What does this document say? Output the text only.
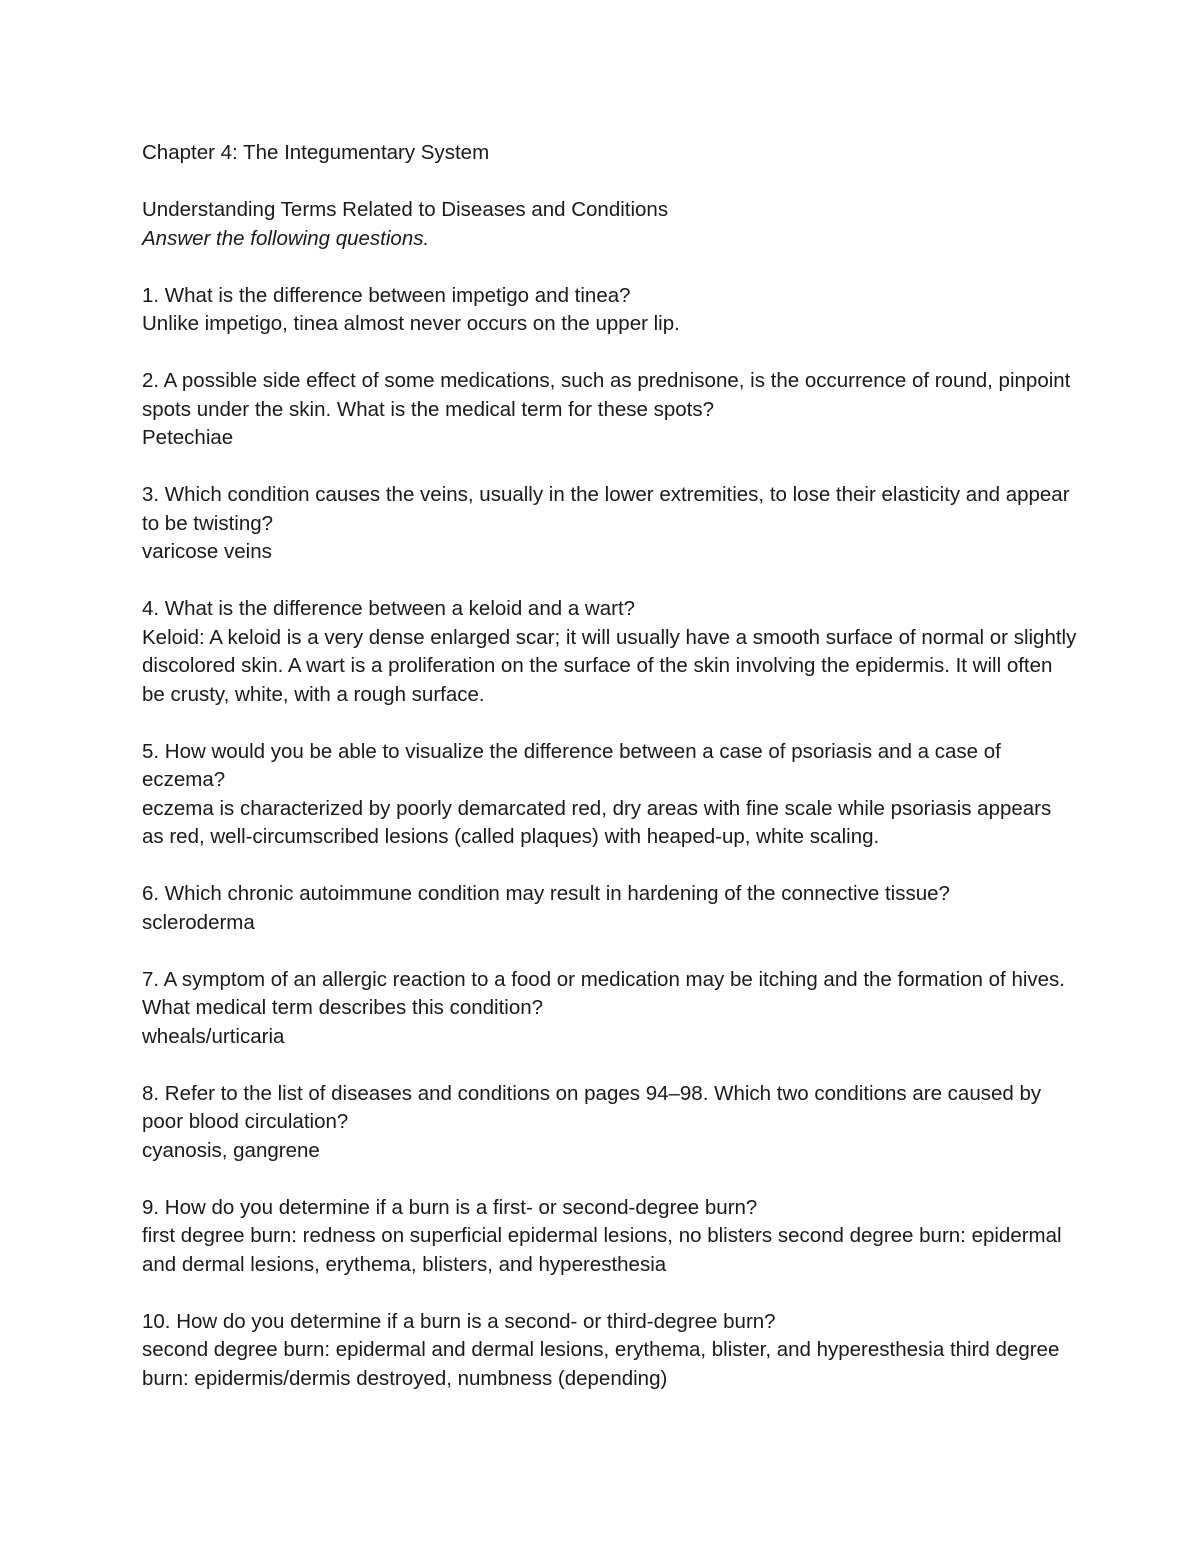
Chapter 4: The Integumentary System

Understanding Terms Related to Diseases and Conditions

Answer the following questions.

1. What is the difference between impetigo and tinea?

Unlike impetigo, tinea almost never occurs on the upper lip.

2. A possible side effect of some medications, such as prednisone, is the occurrence of round, pinpoint spots under the skin. What is the medical term for these spots?

Petechiae

3. Which condition causes the veins, usually in the lower extremities, to lose their elasticity and appear to be twisting?

varicose veins

4. What is the difference between a keloid and a wart?

Keloid: A keloid is a very dense enlarged scar; it will usually have a smooth surface of normal or slightly discolored skin. A wart is a proliferation on the surface of the skin involving the epidermis. It will often be crusty, white, with a rough surface.

5. How would you be able to visualize the difference between a case of psoriasis and a case of eczema?

eczema is characterized by poorly demarcated red, dry areas with fine scale while psoriasis appears as red, well-circumscribed lesions (called plaques) with heaped-up, white scaling.

6. Which chronic autoimmune condition may result in hardening of the connective tissue?

scleroderma

7. A symptom of an allergic reaction to a food or medication may be itching and the formation of hives. What medical term describes this condition?

wheals/urticaria

8. Refer to the list of diseases and conditions on pages 94–98. Which two conditions are caused by poor blood circulation?

cyanosis, gangrene

9. How do you determine if a burn is a first- or second-degree burn?

first degree burn: redness on superficial epidermal lesions, no blisters second degree burn: epidermal and dermal lesions, erythema, blisters, and hyperesthesia

10. How do you determine if a burn is a second- or third-degree burn?

second degree burn: epidermal and dermal lesions, erythema, blister, and hyperesthesia third degree burn: epidermis/dermis destroyed, numbness (depending)
